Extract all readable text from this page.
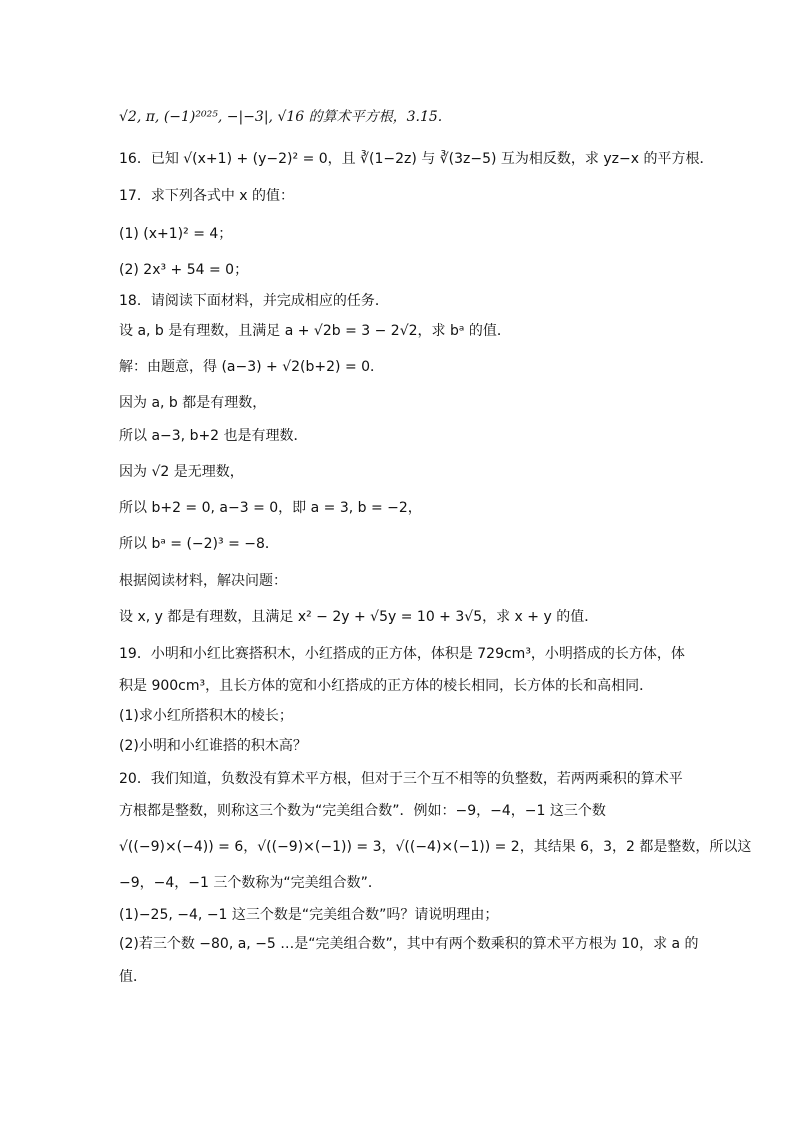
√2, π, (−1)²⁰²⁵, −|−3|, √16 的算术平方根，3.1̇5̇.
16．已知 √(x+1) + (y−2)² = 0，且 ∛(1−2z) 与 ∛(3z−5) 互为相反数，求 yz−x 的平方根．
17．求下列各式中 x 的值：
(1) (x+1)² = 4；
(2) 2x³ + 54 = 0；
18．请阅读下面材料，并完成相应的任务．
设 a, b 是有理数，且满足 a + √2b = 3 − 2√2，求 bᵃ 的值．
解：由题意，得 (a−3) + √2(b+2) = 0．
因为 a, b 都是有理数，
所以 a−3, b+2 也是有理数．
因为 √2 是无理数，
所以 b+2 = 0, a−3 = 0，即 a = 3, b = −2，
所以 bᵃ = (−2)³ = −8．
根据阅读材料，解决问题：
设 x, y 都是有理数，且满足 x² − 2y + √5y = 10 + 3√5，求 x + y 的值．
19．小明和小红比赛搭积木，小红搭成的正方体，体积是 729cm³，小明搭成的长方体，体
积是 900cm³，且长方体的宽和小红搭成的正方体的棱长相同，长方体的长和高相同．
(1)求小红所搭积木的棱长；
(2)小明和小红谁搭的积木高？
20．我们知道，负数没有算术平方根，但对于三个互不相等的负整数，若两两乘积的算术平
方根都是整数，则称这三个数为“完美组合数”．例如：−9，−4，−1 这三个数
√((−9)×(−4)) = 6，√((−9)×(−1)) = 3，√((−4)×(−1)) = 2，其结果 6，3，2 都是整数，所以这
−9，−4，−1 三个数称为“完美组合数”．
(1)−25, −4, −1 这三个数是“完美组合数”吗？请说明理由；
(2)若三个数 −80, a, −5 …是“完美组合数”，其中有两个数乘积的算术平方根为 10，求 a 的
值．
